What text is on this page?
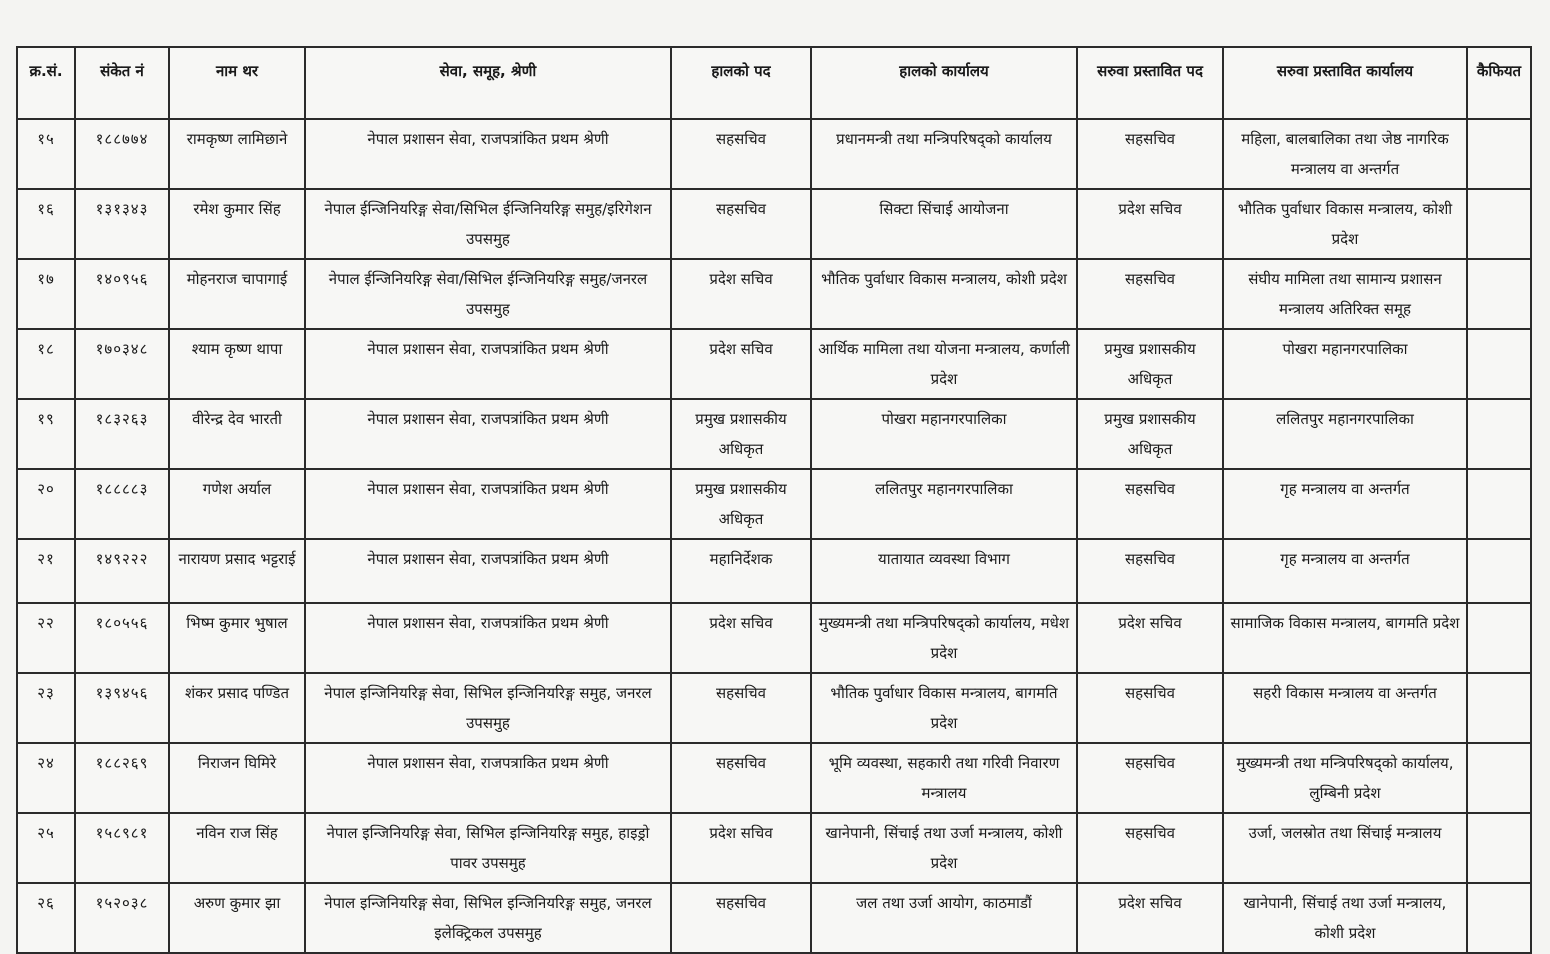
क्र.सं.	संकेत नं	नाम थर	सेवा, समूह, श्रेणी	हालको पद	हालको कार्यालय	सरुवा प्रस्तावित पद	सरुवा प्रस्तावित कार्यालय	कैफियत
१५	१८८७७४	रामकृष्ण लामिछाने	नेपाल प्रशासन सेवा, राजपत्रांकित प्रथम श्रेणी	सहसचिव	प्रधानमन्त्री तथा मन्त्रिपरिषद्को कार्यालय	सहसचिव	महिला, बालबालिका तथा जेष्ठ नागरिक मन्त्रालय वा अन्तर्गत	
१६	१३१३४३	रमेश कुमार सिंह	नेपाल ईन्जिनियरिङ्ग सेवा/सिभिल ईन्जिनियरिङ्ग समुह/इरिगेशन उपसमुह	सहसचिव	सिक्टा सिंचाई आयोजना	प्रदेश सचिव	भौतिक पुर्वाधार विकास मन्त्रालय, कोशी प्रदेश	
१७	१४०९५६	मोहनराज चापागाई	नेपाल ईन्जिनियरिङ्ग सेवा/सिभिल ईन्जिनियरिङ्ग समुह/जनरल उपसमुह	प्रदेश सचिव	भौतिक पुर्वाधार विकास मन्त्रालय, कोशी प्रदेश	सहसचिव	संघीय मामिला तथा सामान्य प्रशासन मन्त्रालय अतिरिक्त समूह	
१८	१७०३४८	श्याम कृष्ण थापा	नेपाल प्रशासन सेवा, राजपत्रांकित प्रथम श्रेणी	प्रदेश सचिव	आर्थिक मामिला तथा योजना मन्त्रालय, कर्णाली प्रदेश	प्रमुख प्रशासकीय अधिकृत	पोखरा महानगरपालिका	
१९	१८३२६३	वीरेन्द्र देव भारती	नेपाल प्रशासन सेवा, राजपत्रांकित प्रथम श्रेणी	प्रमुख प्रशासकीय अधिकृत	पोखरा महानगरपालिका	प्रमुख प्रशासकीय अधिकृत	ललितपुर महानगरपालिका	
२०	१८८८८३	गणेश अर्याल	नेपाल प्रशासन सेवा, राजपत्रांकित प्रथम श्रेणी	प्रमुख प्रशासकीय अधिकृत	ललितपुर महानगरपालिका	सहसचिव	गृह मन्त्रालय वा अन्तर्गत	
२१	१४९२२२	नारायण प्रसाद भट्टराई	नेपाल प्रशासन सेवा, राजपत्रांकित प्रथम श्रेणी	महानिर्देशक	यातायात व्यवस्था विभाग	सहसचिव	गृह मन्त्रालय वा अन्तर्गत	
२२	१८०५५६	भिष्म कुमार भुषाल	नेपाल प्रशासन सेवा, राजपत्रांकित प्रथम श्रेणी	प्रदेश सचिव	मुख्यमन्त्री तथा मन्त्रिपरिषद्को कार्यालय, मधेश प्रदेश	प्रदेश सचिव	सामाजिक विकास मन्त्रालय, बागमति प्रदेश	
२३	१३९४५६	शंकर प्रसाद पण्डित	नेपाल इन्जिनियरिङ्ग सेवा, सिभिल इन्जिनियरिङ्ग समुह, जनरल उपसमुह	सहसचिव	भौतिक पुर्वाधार विकास मन्त्रालय, बागमति प्रदेश	सहसचिव	सहरी विकास मन्त्रालय वा अन्तर्गत	
२४	१८८२६९	निराजन घिमिरे	नेपाल प्रशासन सेवा, राजपत्राकित प्रथम श्रेणी	सहसचिव	भूमि व्यवस्था, सहकारी तथा गरिवी निवारण मन्त्रालय	सहसचिव	मुख्यमन्त्री तथा मन्त्रिपरिषद्को कार्यालय, लुम्बिनी प्रदेश	
२५	१५८९८१	नविन राज सिंह	नेपाल इन्जिनियरिङ्ग सेवा, सिभिल इन्जिनियरिङ्ग समुह, हाइड्रो पावर उपसमुह	प्रदेश सचिव	खानेपानी, सिंचाई तथा उर्जा मन्त्रालय, कोशी प्रदेश	सहसचिव	उर्जा, जलस्रोत तथा सिंचाई मन्त्रालय	
२६	१५२०३८	अरुण कुमार झा	नेपाल इन्जिनियरिङ्ग सेवा, सिभिल इन्जिनियरिङ्ग समुह, जनरल इलेक्ट्रिकल उपसमुह	सहसचिव	जल तथा उर्जा आयोग, काठमाडौं	प्रदेश सचिव	खानेपानी, सिंचाई तथा उर्जा मन्त्रालय, कोशी प्रदेश	
